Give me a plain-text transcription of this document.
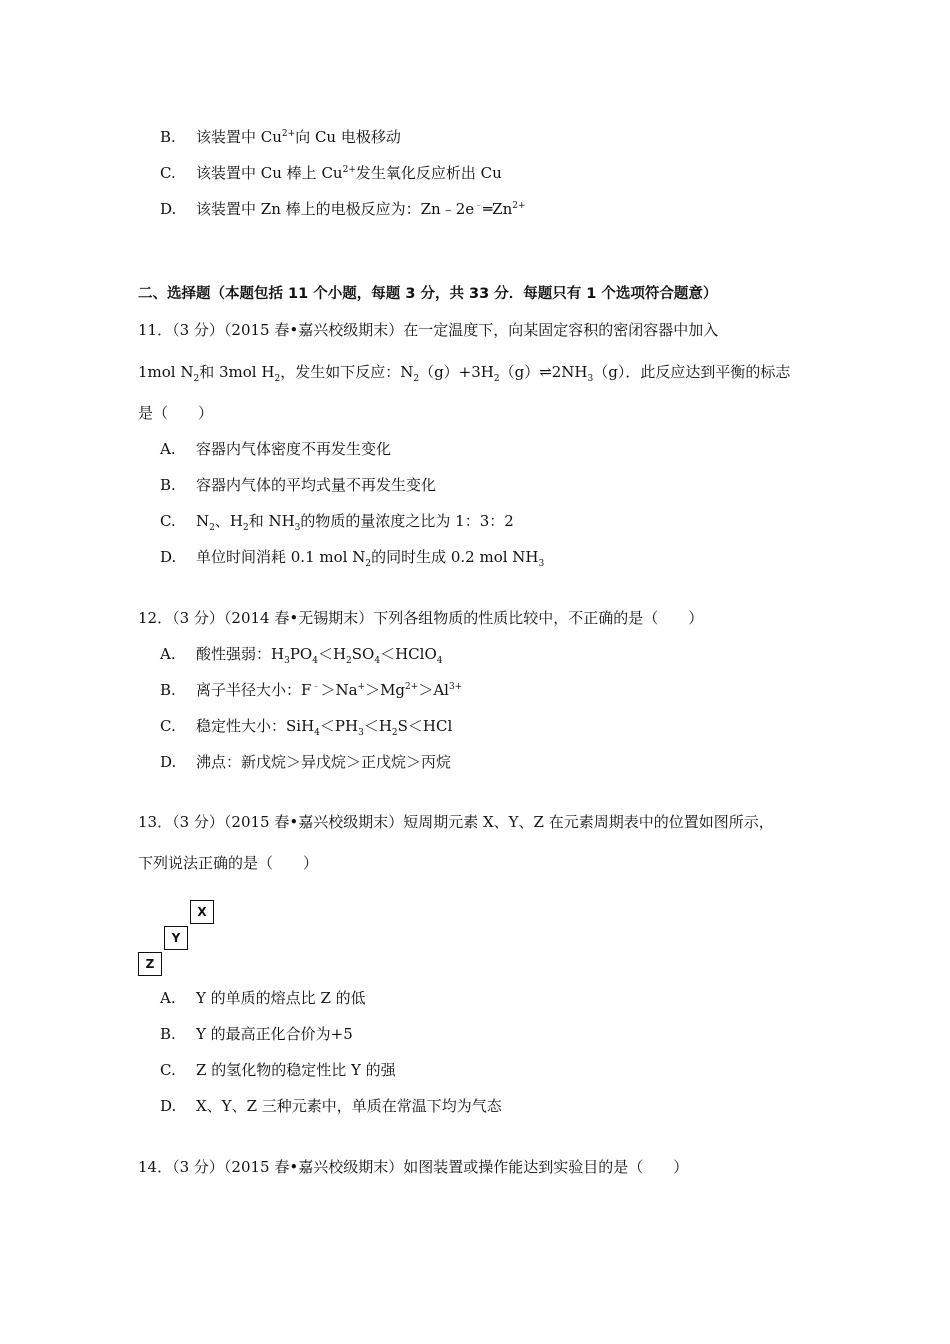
B. 该装置中 $Cu^{2+}$向 Cu 电极移动
C. 该装置中 Cu 棒上 $Cu^{2+}$发生氧化反应析出 Cu
D. 该装置中 Zn 棒上的电极反应为：$Zn﹣2e^﹣═Zn^{2+}$
二、选择题（本题包括 11 个小题，每题 3 分，共 33 分．每题只有 1 个选项符合题意）
11．（3 分）（2015 春•嘉兴校级期末）在一定温度下，向某固定容积的密闭容器中加入
1mol $N_2$和 3mol $H_2$，发生如下反应：$N_2(g)+3H_2(g)\rightleftharpoons 2NH_3(g)$．此反应达到平衡的标志
是（　　）
A. 容器内气体密度不再发生变化
B. 容器内气体的平均式量不再发生变化
C. $N_2$、$H_2$和 $NH_3$的物质的量浓度之比为 1：3：2
D. 单位时间消耗 0.1 mol $N_2$的同时生成 0.2 mol $NH_3$
12．（3 分）（2014 春•无锡期末）下列各组物质的性质比较中，不正确的是（　　）
A. 酸性强弱：$H_3PO_4<H_2SO_4<HClO_4$
B. 离子半径大小：$F^﹣>Na^+>Mg^{2+}>Al^{3+}$
C. 稳定性大小：$SiH_4<PH_3<H_2S<HCl$
D. 沸点：新戊烷＞异戊烷＞正戊烷＞丙烷
13．（3 分）（2015 春•嘉兴校级期末）短周期元素 X、Y、Z 在元素周期表中的位置如图所示，
下列说法正确的是（　　）
X
Y
Z
A. Y 的单质的熔点比 Z 的低
B. Y 的最高正化合价为+5
C. Z 的氢化物的稳定性比 Y 的强
D. X、Y、Z 三种元素中，单质在常温下均为气态
14．（3 分）（2015 春•嘉兴校级期末）如图装置或操作能达到实验目的是（　　）
